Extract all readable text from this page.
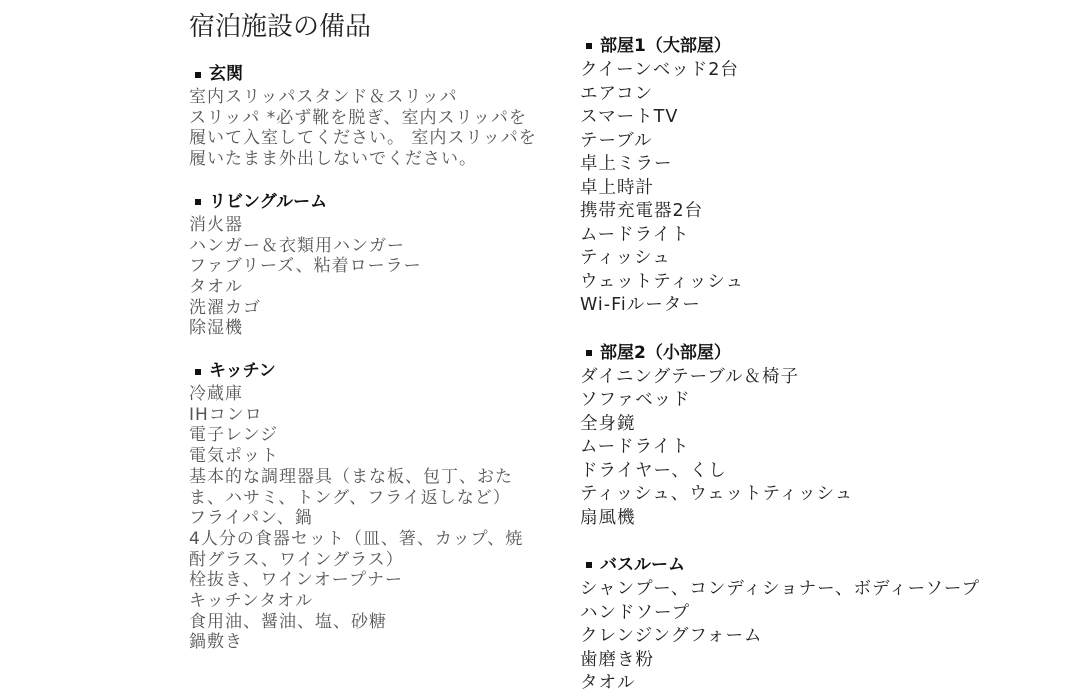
宿泊施設の備品
玄関
室内スリッパスタンド＆スリッパ
スリッパ *必ず靴を脱ぎ、室内スリッパを
履いて入室してください。 室内スリッパを
履いたまま外出しないでください。
リビングルーム
消火器
ハンガー＆衣類用ハンガー
ファブリーズ、粘着ローラー
タオル
洗濯カゴ
除湿機
キッチン
冷蔵庫
IHコンロ
電子レンジ
電気ポット
基本的な調理器具（まな板、包丁、おた
ま、ハサミ、トング、フライ返しなど）
フライパン、鍋
4人分の食器セット（皿、箸、カップ、焼
酎グラス、ワイングラス）
栓抜き、ワインオープナー
キッチンタオル
食用油、醤油、塩、砂糖
鍋敷き
部屋1（大部屋）
クイーンベッド2台
エアコン
スマートTV
テーブル
卓上ミラー
卓上時計
携帯充電器2台
ムードライト
ティッシュ
ウェットティッシュ
Wi-Fiルーター
部屋2（小部屋）
ダイニングテーブル＆椅子
ソファベッド
全身鏡
ムードライト
ドライヤー、くし
ティッシュ、ウェットティッシュ
扇風機
バスルーム
シャンプー、コンディショナー、ボディーソープ
ハンドソープ
クレンジングフォーム
歯磨き粉
タオル
